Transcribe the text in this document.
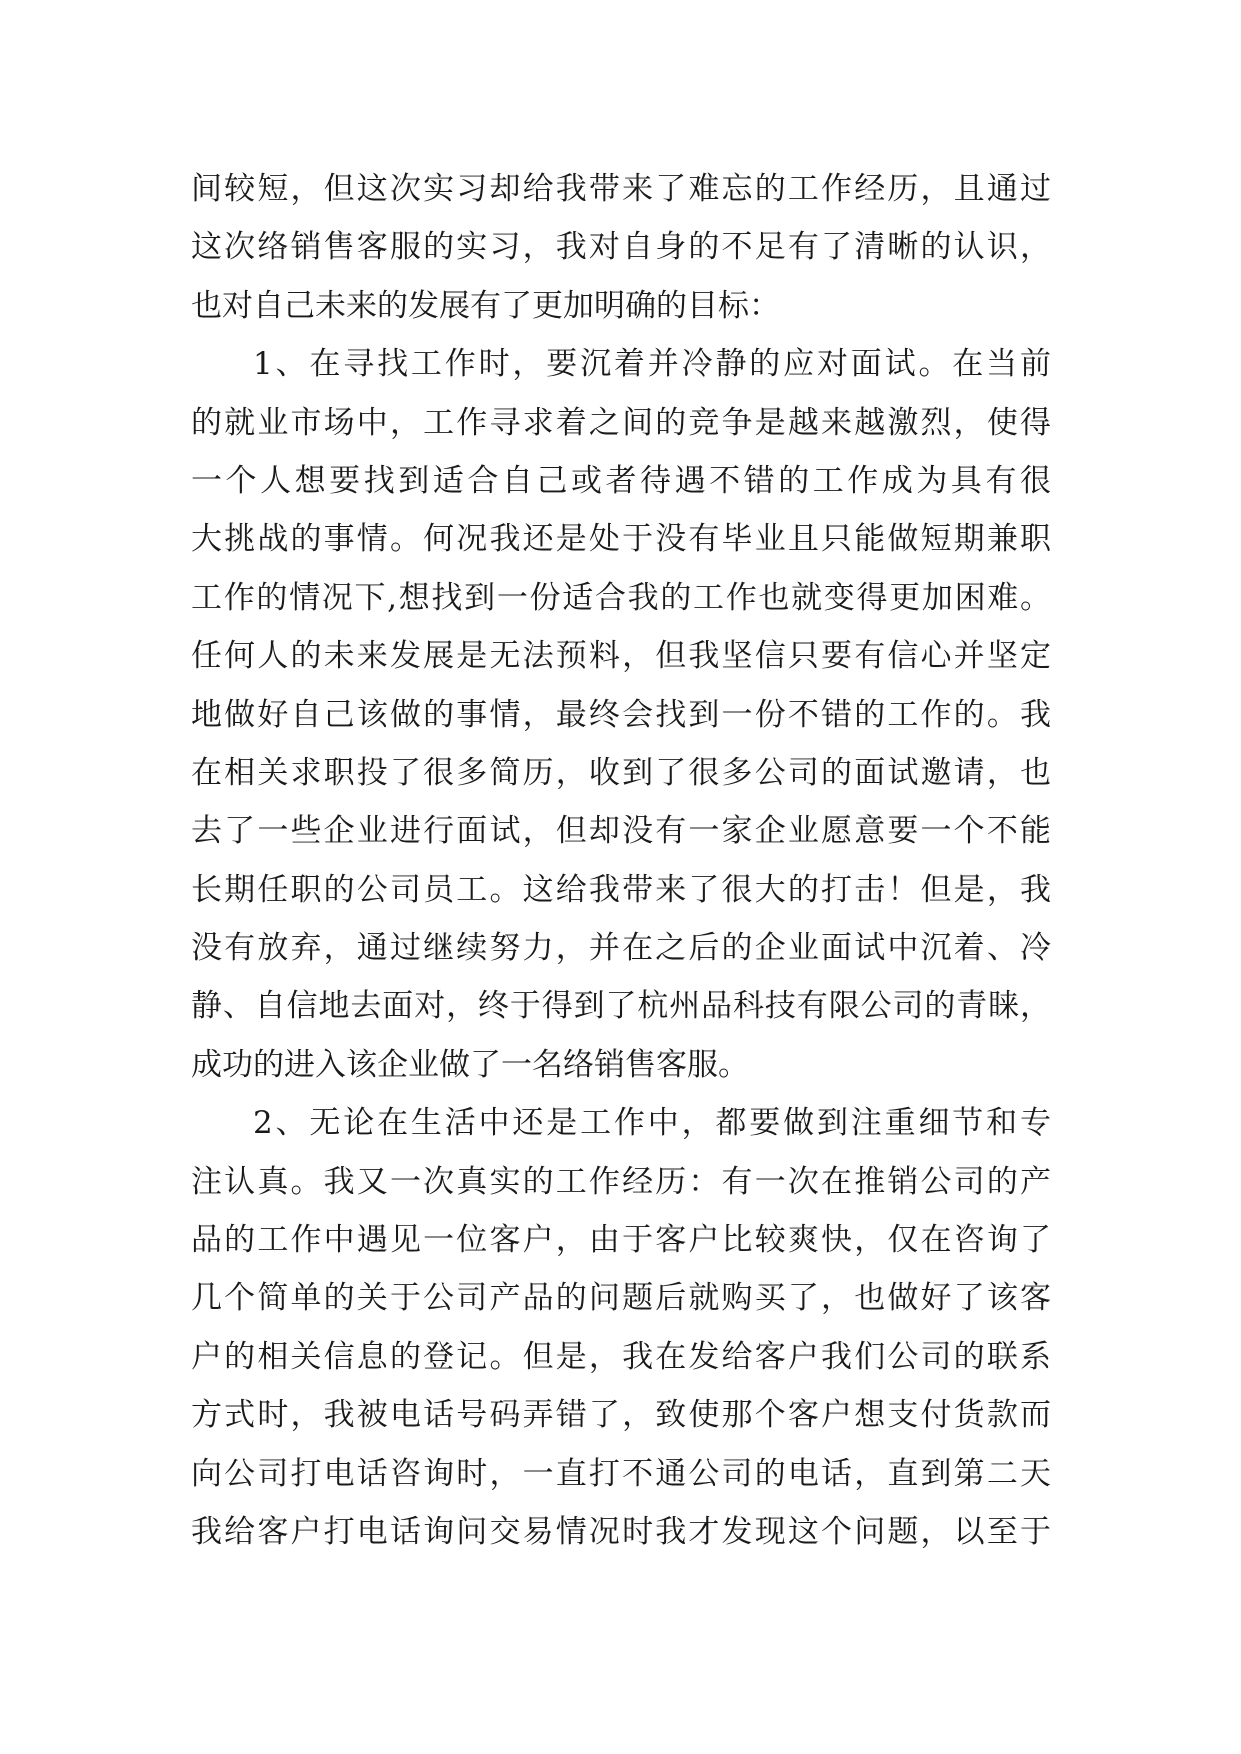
间较短，但这次实习却给我带来了难忘的工作经历，且通过
这次络销售客服的实习，我对自身的不足有了清晰的认识，
也对自己未来的发展有了更加明确的目标：
1、在寻找工作时，要沉着并冷静的应对面试。在当前
的就业市场中，工作寻求着之间的竞争是越来越激烈，使得
一个人想要找到适合自己或者待遇不错的工作成为具有很
大挑战的事情。何况我还是处于没有毕业且只能做短期兼职
工作的情况下,想找到一份适合我的工作也就变得更加困难。
任何人的未来发展是无法预料，但我坚信只要有信心并坚定
地做好自己该做的事情，最终会找到一份不错的工作的。我
在相关求职投了很多简历，收到了很多公司的面试邀请，也
去了一些企业进行面试，但却没有一家企业愿意要一个不能
长期任职的公司员工。这给我带来了很大的打击！但是，我
没有放弃，通过继续努力，并在之后的企业面试中沉着、冷
静、自信地去面对，终于得到了杭州品科技有限公司的青睐，
成功的进入该企业做了一名络销售客服。
2、无论在生活中还是工作中，都要做到注重细节和专
注认真。我又一次真实的工作经历：有一次在推销公司的产
品的工作中遇见一位客户，由于客户比较爽快，仅在咨询了
几个简单的关于公司产品的问题后就购买了，也做好了该客
户的相关信息的登记。但是，我在发给客户我们公司的联系
方式时，我被电话号码弄错了，致使那个客户想支付货款而
向公司打电话咨询时，一直打不通公司的电话，直到第二天
我给客户打电话询问交易情况时我才发现这个问题，以至于
